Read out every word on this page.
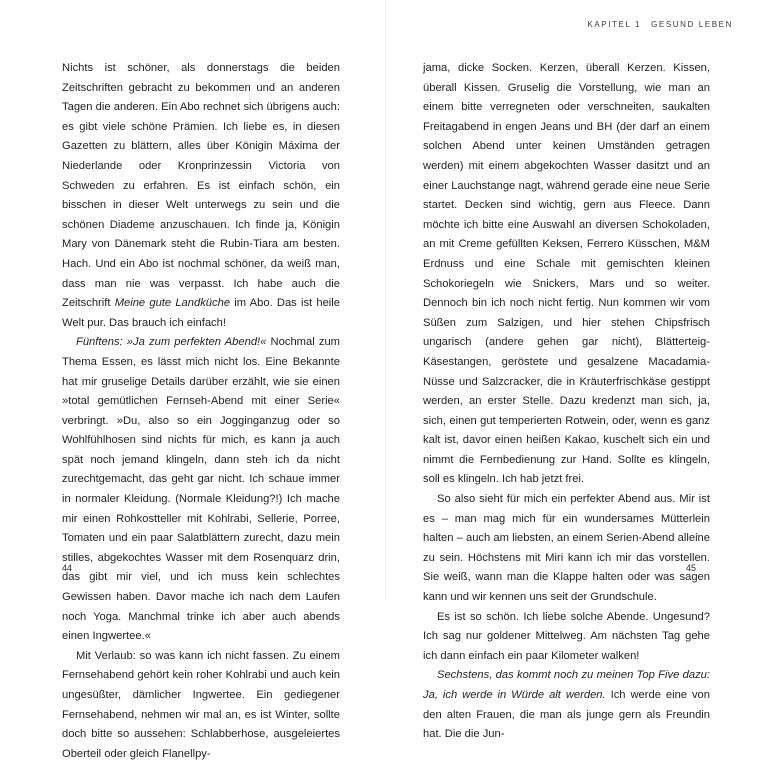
KAPITEL 1 GESUND LEBEN

Nichts ist schöner, als donnerstags die beiden Zeitschriften gebracht zu bekommen und an anderen Tagen die anderen. Ein Abo rechnet sich übrigens auch: es gibt viele schöne Prämien. Ich liebe es, in diesen Gazetten zu blättern, alles über Königin Máxima der Niederlande oder Kronprinzessin Victoria von Schweden zu erfahren. Es ist einfach schön, ein bisschen in dieser Welt unterwegs zu sein und die schönen Diademe anzuschauen. Ich finde ja, Königin Mary von Dänemark steht die Rubin-Tiara am besten. Hach. Und ein Abo ist nochmal schöner, da weiß man, dass man nie was verpasst. Ich habe auch die Zeitschrift Meine gute Landküche im Abo. Das ist heile Welt pur. Das brauch ich einfach!

Fünftens: »Ja zum perfekten Abend!« Nochmal zum Thema Essen, es lässt mich nicht los. Eine Bekannte hat mir gruselige Details darüber erzählt, wie sie einen »total gemütlichen Fernseh-Abend mit einer Serie« verbringt. »Du, also so ein Jogginganzug oder so Wohlfühlhosen sind nichts für mich, es kann ja auch spät noch jemand klingeln, dann steh ich da nicht zurechtgemacht, das geht gar nicht. Ich schaue immer in normaler Kleidung. (Normale Kleidung?!) Ich mache mir einen Rohkostteller mit Kohlrabi, Sellerie, Porree, Tomaten und ein paar Salatblättern zurecht, dazu mein stilles, abgekochtes Wasser mit dem Rosenquarz drin, das gibt mir viel, und ich muss kein schlechtes Gewissen haben. Davor mache ich nach dem Laufen noch Yoga. Manchmal trinke ich aber auch abends einen Ingwertee.«

Mit Verlaub: so was kann ich nicht fassen. Zu einem Fernsehabend gehört kein roher Kohlrabi und auch kein ungesüßter, dämlicher Ingwertee. Ein gediegener Fernsehabend, nehmen wir mal an, es ist Winter, sollte doch bitte so aussehen: Schlabberhose, ausgeleiertes Oberteil oder gleich Flanellpy-

jama, dicke Socken. Kerzen, überall Kerzen. Kissen, überall Kissen. Gruselig die Vorstellung, wie man an einem bitte verregneten oder verschneiten, saukalten Freitagabend in engen Jeans und BH (der darf an einem solchen Abend unter keinen Umständen getragen werden) mit einem abgekochten Wasser dasitzt und an einer Lauchstange nagt, während gerade eine neue Serie startet. Decken sind wichtig, gern aus Fleece. Dann möchte ich bitte eine Auswahl an diversen Schokoladen, an mit Creme gefüllten Keksen, Ferrero Küsschen, M&M Erdnuss und eine Schale mit gemischten kleinen Schokoriegeln wie Snickers, Mars und so weiter. Dennoch bin ich noch nicht fertig. Nun kommen wir vom Süßen zum Salzigen, und hier stehen Chipsfrisch ungarisch (andere gehen gar nicht), Blätterteig-Käsestangen, geröstete und gesalzene Macadamia-Nüsse und Salzcracker, die in Kräuterfrischkäse gestippt werden, an erster Stelle. Dazu kredenzt man sich, ja, sich, einen gut temperierten Rotwein, oder, wenn es ganz kalt ist, davor einen heißen Kakao, kuschelt sich ein und nimmt die Fernbedienung zur Hand. Sollte es klingeln, soll es klingeln. Ich hab jetzt frei.

So also sieht für mich ein perfekter Abend aus. Mir ist es – man mag mich für ein wundersames Mütterlein halten – auch am liebsten, an einem Serien-Abend alleine zu sein. Höchstens mit Miri kann ich mir das vorstellen. Sie weiß, wann man die Klappe halten oder was sagen kann und wir kennen uns seit der Grundschule.

Es ist so schön. Ich liebe solche Abende. Ungesund? Ich sag nur goldener Mittelweg. Am nächsten Tag gehe ich dann einfach ein paar Kilometer walken!

Sechstens, das kommt noch zu meinen Top Five dazu: Ja, ich werde in Würde alt werden. Ich werde eine von den alten Frauen, die man als junge gern als Freundin hat. Die die Jun-

44	45
